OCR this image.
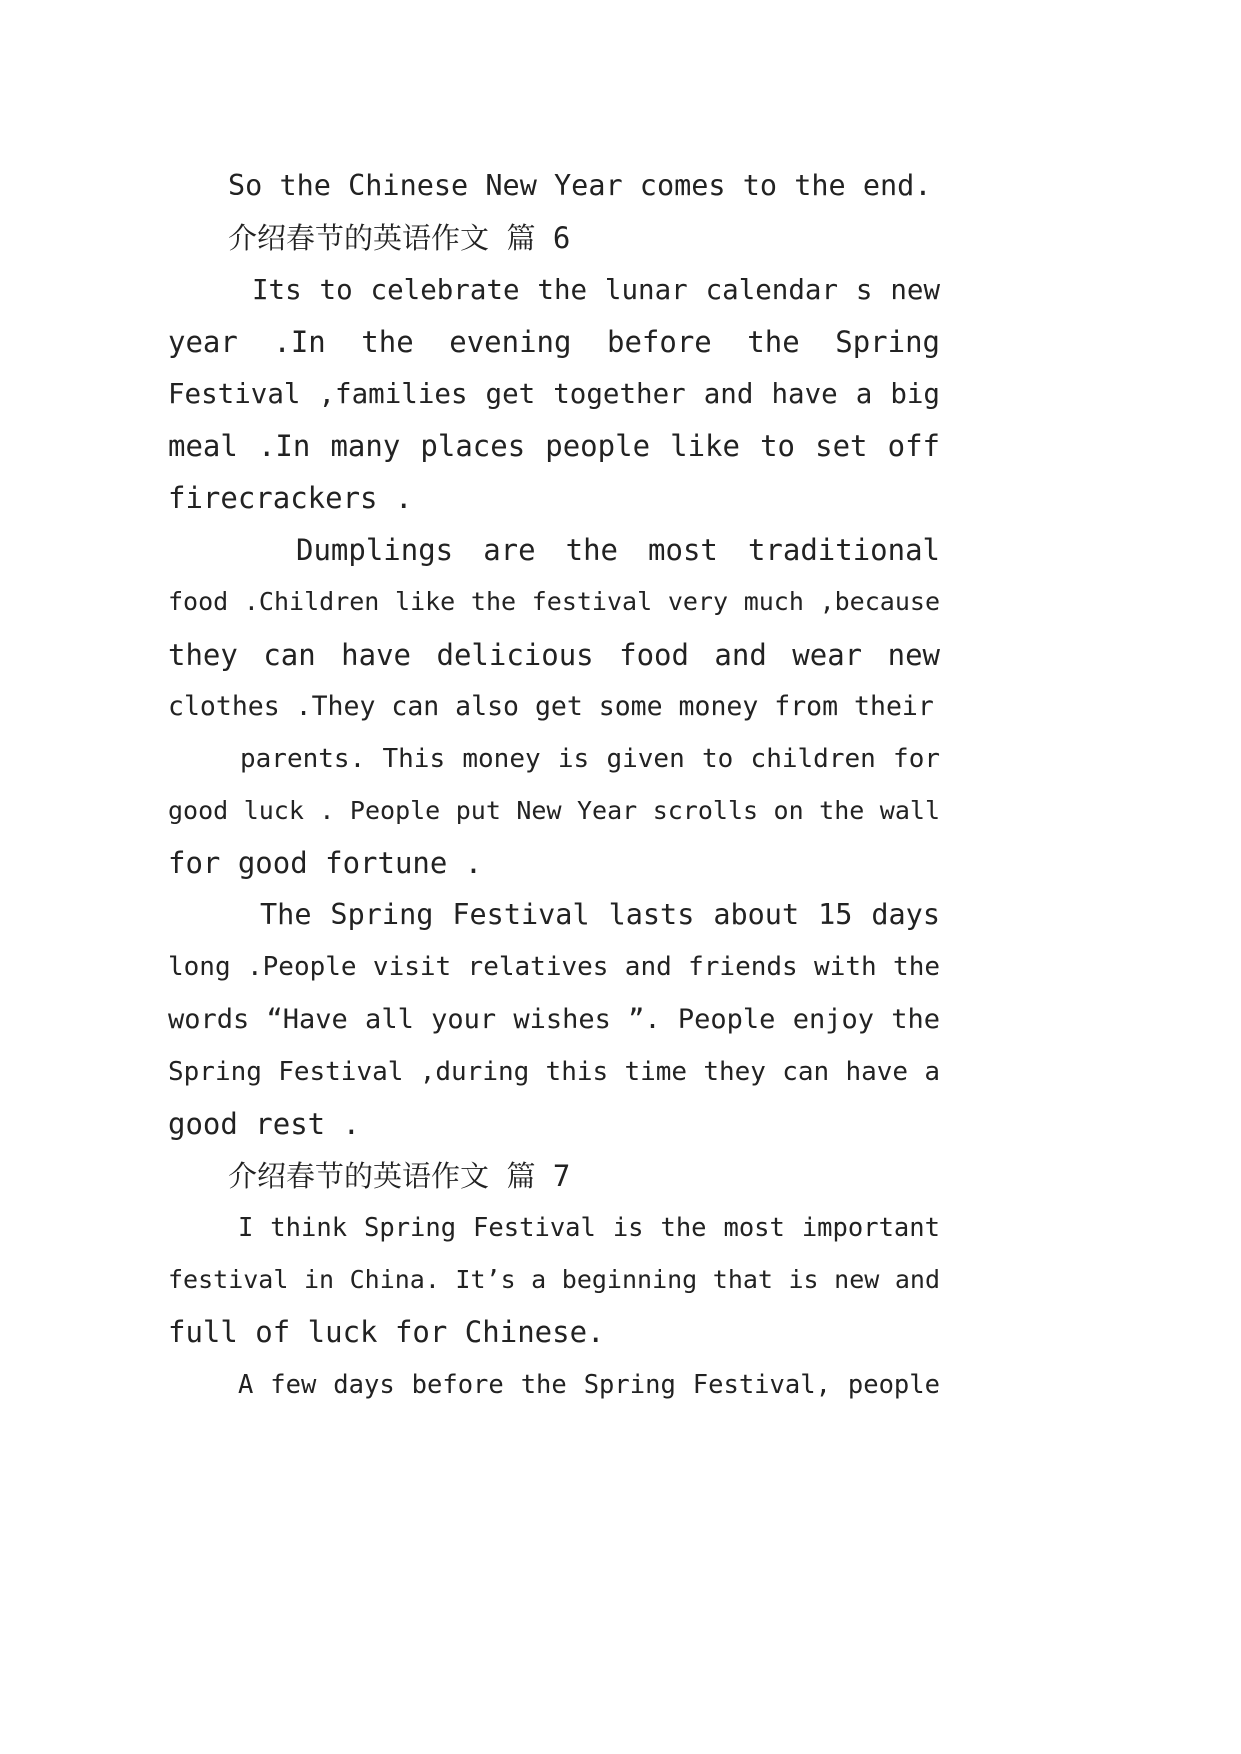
So the Chinese New Year comes to the end.
介绍春节的英语作文 篇 6
Its to celebrate the lunar calendar s new
year .In the evening before the Spring
Festival ,families get together and have a big
meal .In many places people like to set off
firecrackers .
Dumplings are the most traditional
food .Children like the festival very much ,because
they can have delicious food and wear new
clothes .They can also get some money from their
parents. This money is given to children for
good luck . People put New Year scrolls on the wall
for good fortune .
The Spring Festival lasts about 15 days
long .People visit relatives and friends with the
words “Have all your wishes ”. People enjoy the
Spring Festival ,during this time they can have a
good rest .
介绍春节的英语作文 篇 7
I think Spring Festival is the most important
festival in China. It’s a beginning that is new and
full of luck for Chinese.
A few days before the Spring Festival, people
